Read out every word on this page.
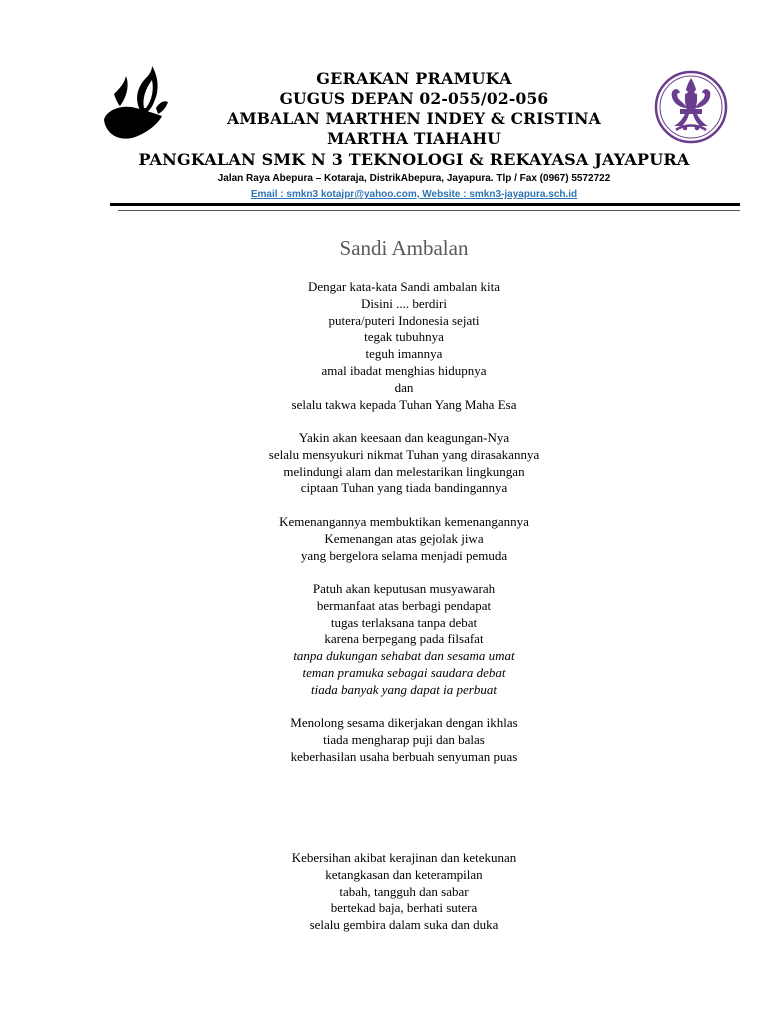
GERAKAN PRAMUKA
GUGUS DEPAN 02-055/02-056
AMBALAN MARTHEN INDEY & CRISTINA
MARTHA TIAHAHU
PANGKALAN SMK N 3 TEKNOLOGI & REKAYASA JAYAPURA
Jalan Raya Abepura – Kotaraja, DistrikAbepura, Jayapura. Tlp / Fax (0967) 5572722
Email : smkn3 kotajpr@yahoo.com, Website : smkn3-jayapura.sch.id
Sandi Ambalan
Dengar kata-kata Sandi ambalan kita
Disini .... berdiri
putera/puteri Indonesia sejati
tegak tubuhnya
teguh imannya
amal ibadat menghias hidupnya
dan
selalu takwa kepada Tuhan Yang Maha Esa
Yakin akan keesaan dan keagungan-Nya
selalu mensyukuri nikmat Tuhan yang dirasakannya
melindungi alam dan melestarikan lingkungan
ciptaan Tuhan yang tiada bandingannya
Kemenangannya membuktikan kemenangannya
Kemenangan atas gejolak jiwa
yang bergelora selama menjadi pemuda
Patuh akan keputusan musyawarah
bermanfaat atas berbagi pendapat
tugas terlaksana tanpa debat
karena berpegang pada filsafat
tanpa dukungan sehabat dan sesama umat
teman pramuka sebagai saudara debat
tiada banyak yang dapat ia perbuat
Menolong sesama dikerjakan dengan ikhlas
tiada mengharap puji dan balas
keberhasilan usaha berbuah senyuman puas
Kebersihan akibat kerajinan dan ketekunan
ketangkasan dan keterampilan
tabah, tangguh dan sabar
bertekad baja, berhati sutera
selalu gembira dalam suka dan duka
